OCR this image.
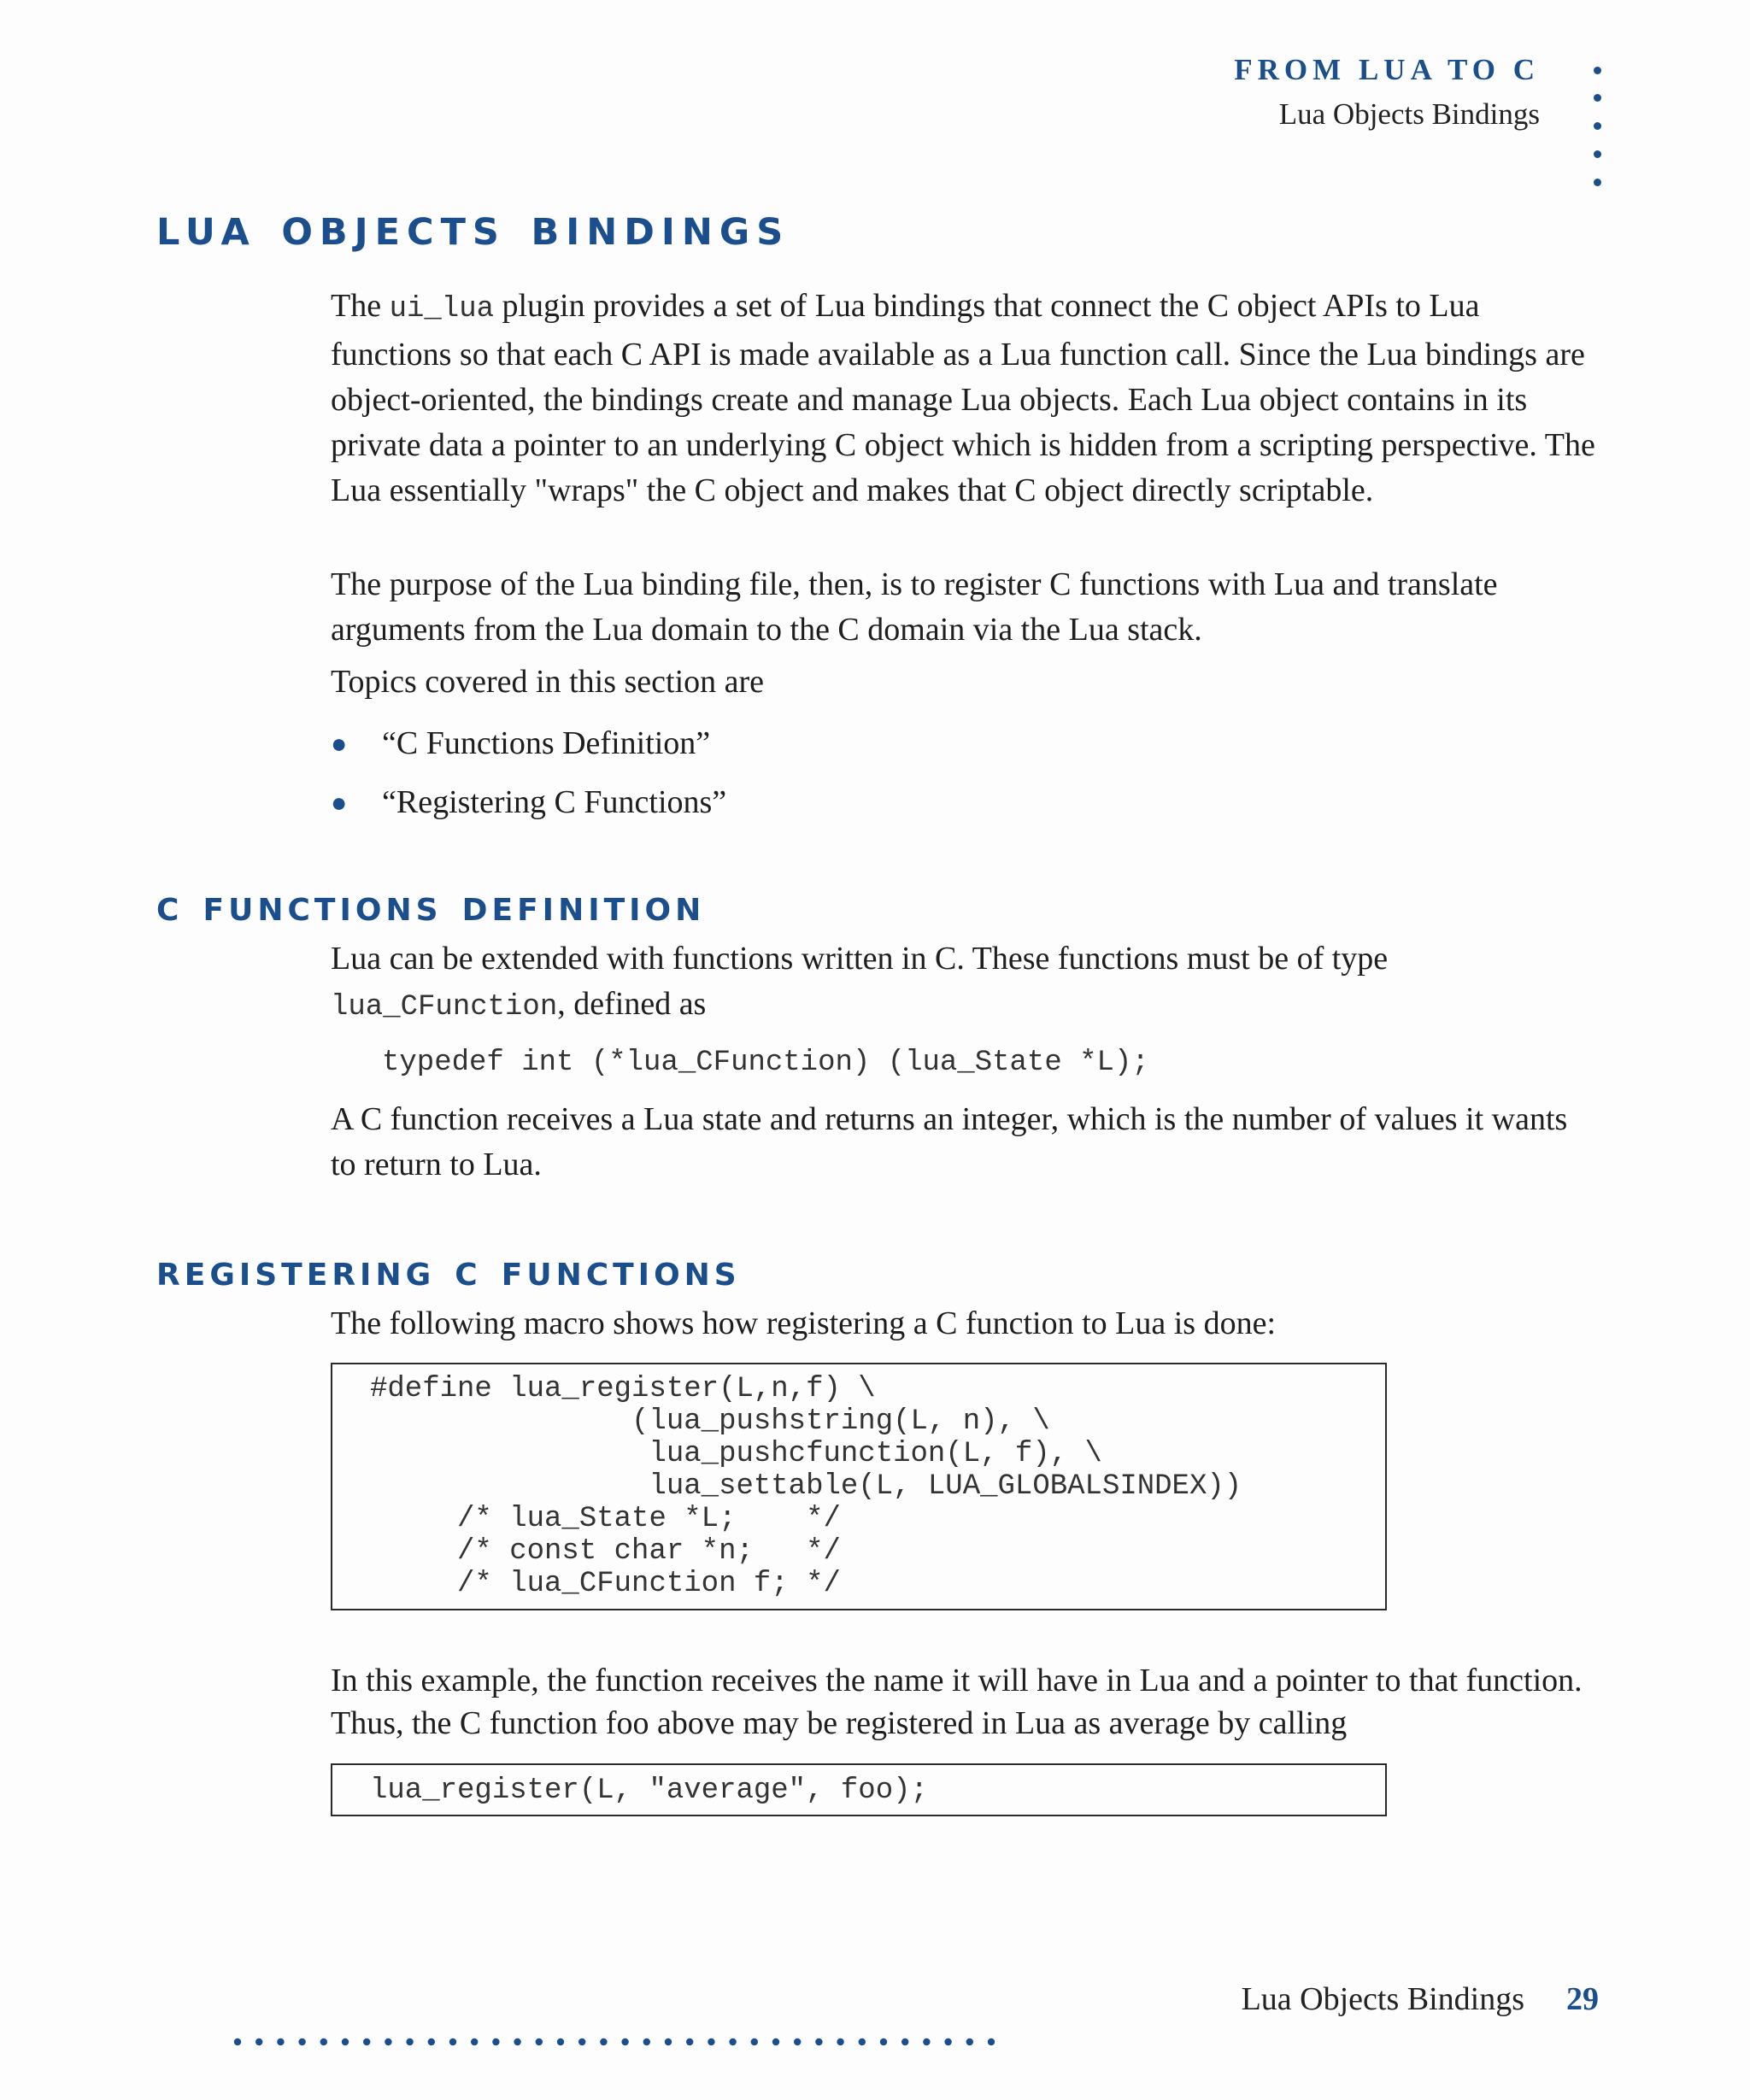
FROM LUA TO C
Lua Objects Bindings
lua objects bindings

The ui_lua plugin provides a set of Lua bindings that connect the C object APIs to Lua functions so that each C API is made available as a Lua function call. Since the Lua bindings are object-oriented, the bindings create and manage Lua objects. Each Lua object contains in its private data a pointer to an underlying C object which is hidden from a scripting perspective. The Lua essentially "wraps" the C object and makes that C object directly scriptable.

The purpose of the Lua binding file, then, is to register C functions with Lua and translate arguments from the Lua domain to the C domain via the Lua stack.

Topics covered in this section are

● “C Functions Definition”
● “Registering C Functions”
c functions definition

Lua can be extended with functions written in C. These functions must be of type lua_CFunction, defined as

typedef int (*lua_CFunction) (lua_State *L);

A C function receives a Lua state and returns an integer, which is the number of values it wants to return to Lua.

registering c functions

The following macro shows how registering a C function to Lua is done:

#define lua_register(L,n,f) \
(lua_pushstring(L, n), \
lua_pushcfunction(L, f), \
lua_settable(L, LUA_GLOBALSINDEX))
/* lua_State *L;    */
/* const char *n;   */
/* lua_CFunction f; */

In this example, the function receives the name it will have in Lua and a pointer to that function. Thus, the C function foo above may be registered in Lua as average by calling

lua_register(L, "average", foo);
Lua Objects Bindings 29
